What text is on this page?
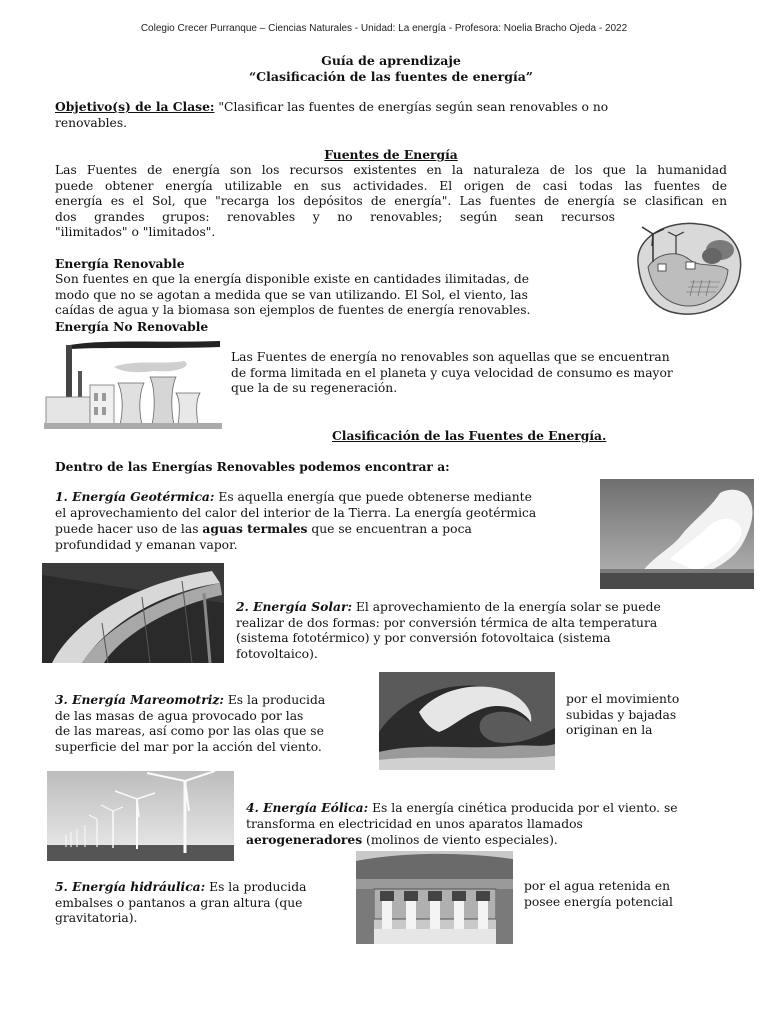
Colegio Crecer Purranque – Ciencias Naturales - Unidad: La energía - Profesora: Noelia Bracho Ojeda - 2022
Guía de aprendizaje
“Clasificación de las fuentes de energía”

Objetivo(s) de la Clase: "Clasificar las fuentes de energías según sean renovables o no

renovables.

Fuentes de Energía

Las Fuentes de energía son los recursos existentes en la naturaleza de los que la humanidad

puede obtener energía utilizable en sus actividades. El origen de casi todas las fuentes de

energía es el Sol, que "recarga los depósitos de energía". Las fuentes de energía se clasifican en

dos grandes grupos: renovables y no renovables; según sean recursos

"ilimitados" o "limitados".

Energía Renovable

Son fuentes en que la energía disponible existe en cantidades ilimitadas, de

modo que no se agotan a medida que se van utilizando. El Sol, el viento, las

caídas de agua y la biomasa son ejemplos de fuentes de energía renovables.

Energía No Renovable

Las Fuentes de energía no renovables son aquellas que se encuentran

de forma limitada en el planeta y cuya velocidad de consumo es mayor

que la de su regeneración.

Clasificación de las Fuentes de Energía.
Dentro de las Energías Renovables podemos encontrar a:

1. Energía Geotérmica: Es aquella energía que puede obtenerse mediante

el aprovechamiento del calor del interior de la Tierra. La energía geotérmica

puede hacer uso de las aguas termales que se encuentran a poca

profundidad y emanan vapor.

2. Energía Solar: El aprovechamiento de la energía solar se puede

realizar de dos formas: por conversión térmica de alta temperatura

(sistema fototérmico) y por conversión fotovoltaica (sistema

fotovoltaico).

3. Energía Mareomotriz: Es la producida

de las masas de agua provocado por las

de las mareas, así como por las olas que se

superficie del mar por la acción del viento.

por el movimiento

subidas y bajadas

originan en la

4. Energía Eólica: Es la energía cinética producida por el viento. se

transforma en electricidad en unos aparatos llamados

aerogeneradores (molinos de viento especiales).

5. Energía hidráulica: Es la producida

embalses o pantanos a gran altura (que

gravitatoria).

por el agua retenida en

posee energía potencial
